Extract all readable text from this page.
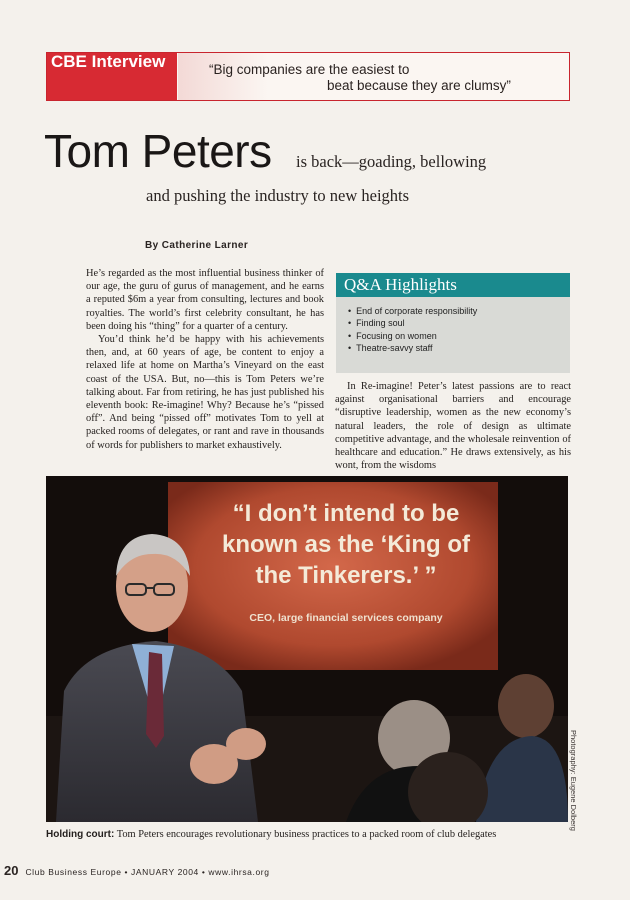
CBE Interview	“Big companies are the easiest to
beat because they are clumsy”
Tom Peters is back—goading, bellowing
and pushing the industry to new heights
By Catherine Larner

He’s regarded as the most influential business thinker of our age, the guru of gurus of management, and he earns a reputed $6m a year from consulting, lectures and book royalties. The world’s first celebrity consultant, he has been doing his “thing” for a quarter of a century.

You’d think he’d be happy with his achievements then, and, at 60 years of age, be content to enjoy a relaxed life at home on Martha’s Vineyard on the east coast of the USA. But, no—this is Tom Peters we’re talking about. Far from retiring, he has just published his eleventh book: Re-imagine! Why? Because he’s “pissed off”. And being “pissed off” motivates Tom to yell at packed rooms of delegates, or rant and rave in thousands of words for publishers to market exhaustively.

Q&A Highlights
• End of corporate responsibility
• Finding soul
• Focusing on women
• Theatre-savvy staff

In Re-imagine! Peter’s latest passions are to react against organisational barriers and encourage “disruptive leadership, women as the new economy’s natural leaders, the role of design as ultimate competitive advantage, and the wholesale reinvention of healthcare and education.” He draws extensively, as his wont, from the wisdoms

“I don’t intend to be
known as the ‘King of
the Tinkerers.’ ”
CEO, large financial services company
Photography: Eugene Dolberg
Holding court: Tom Peters encourages revolutionary business practices to a packed room of club delegates
20 Club Business Europe • JANUARY 2004 • www.ihrsa.org
